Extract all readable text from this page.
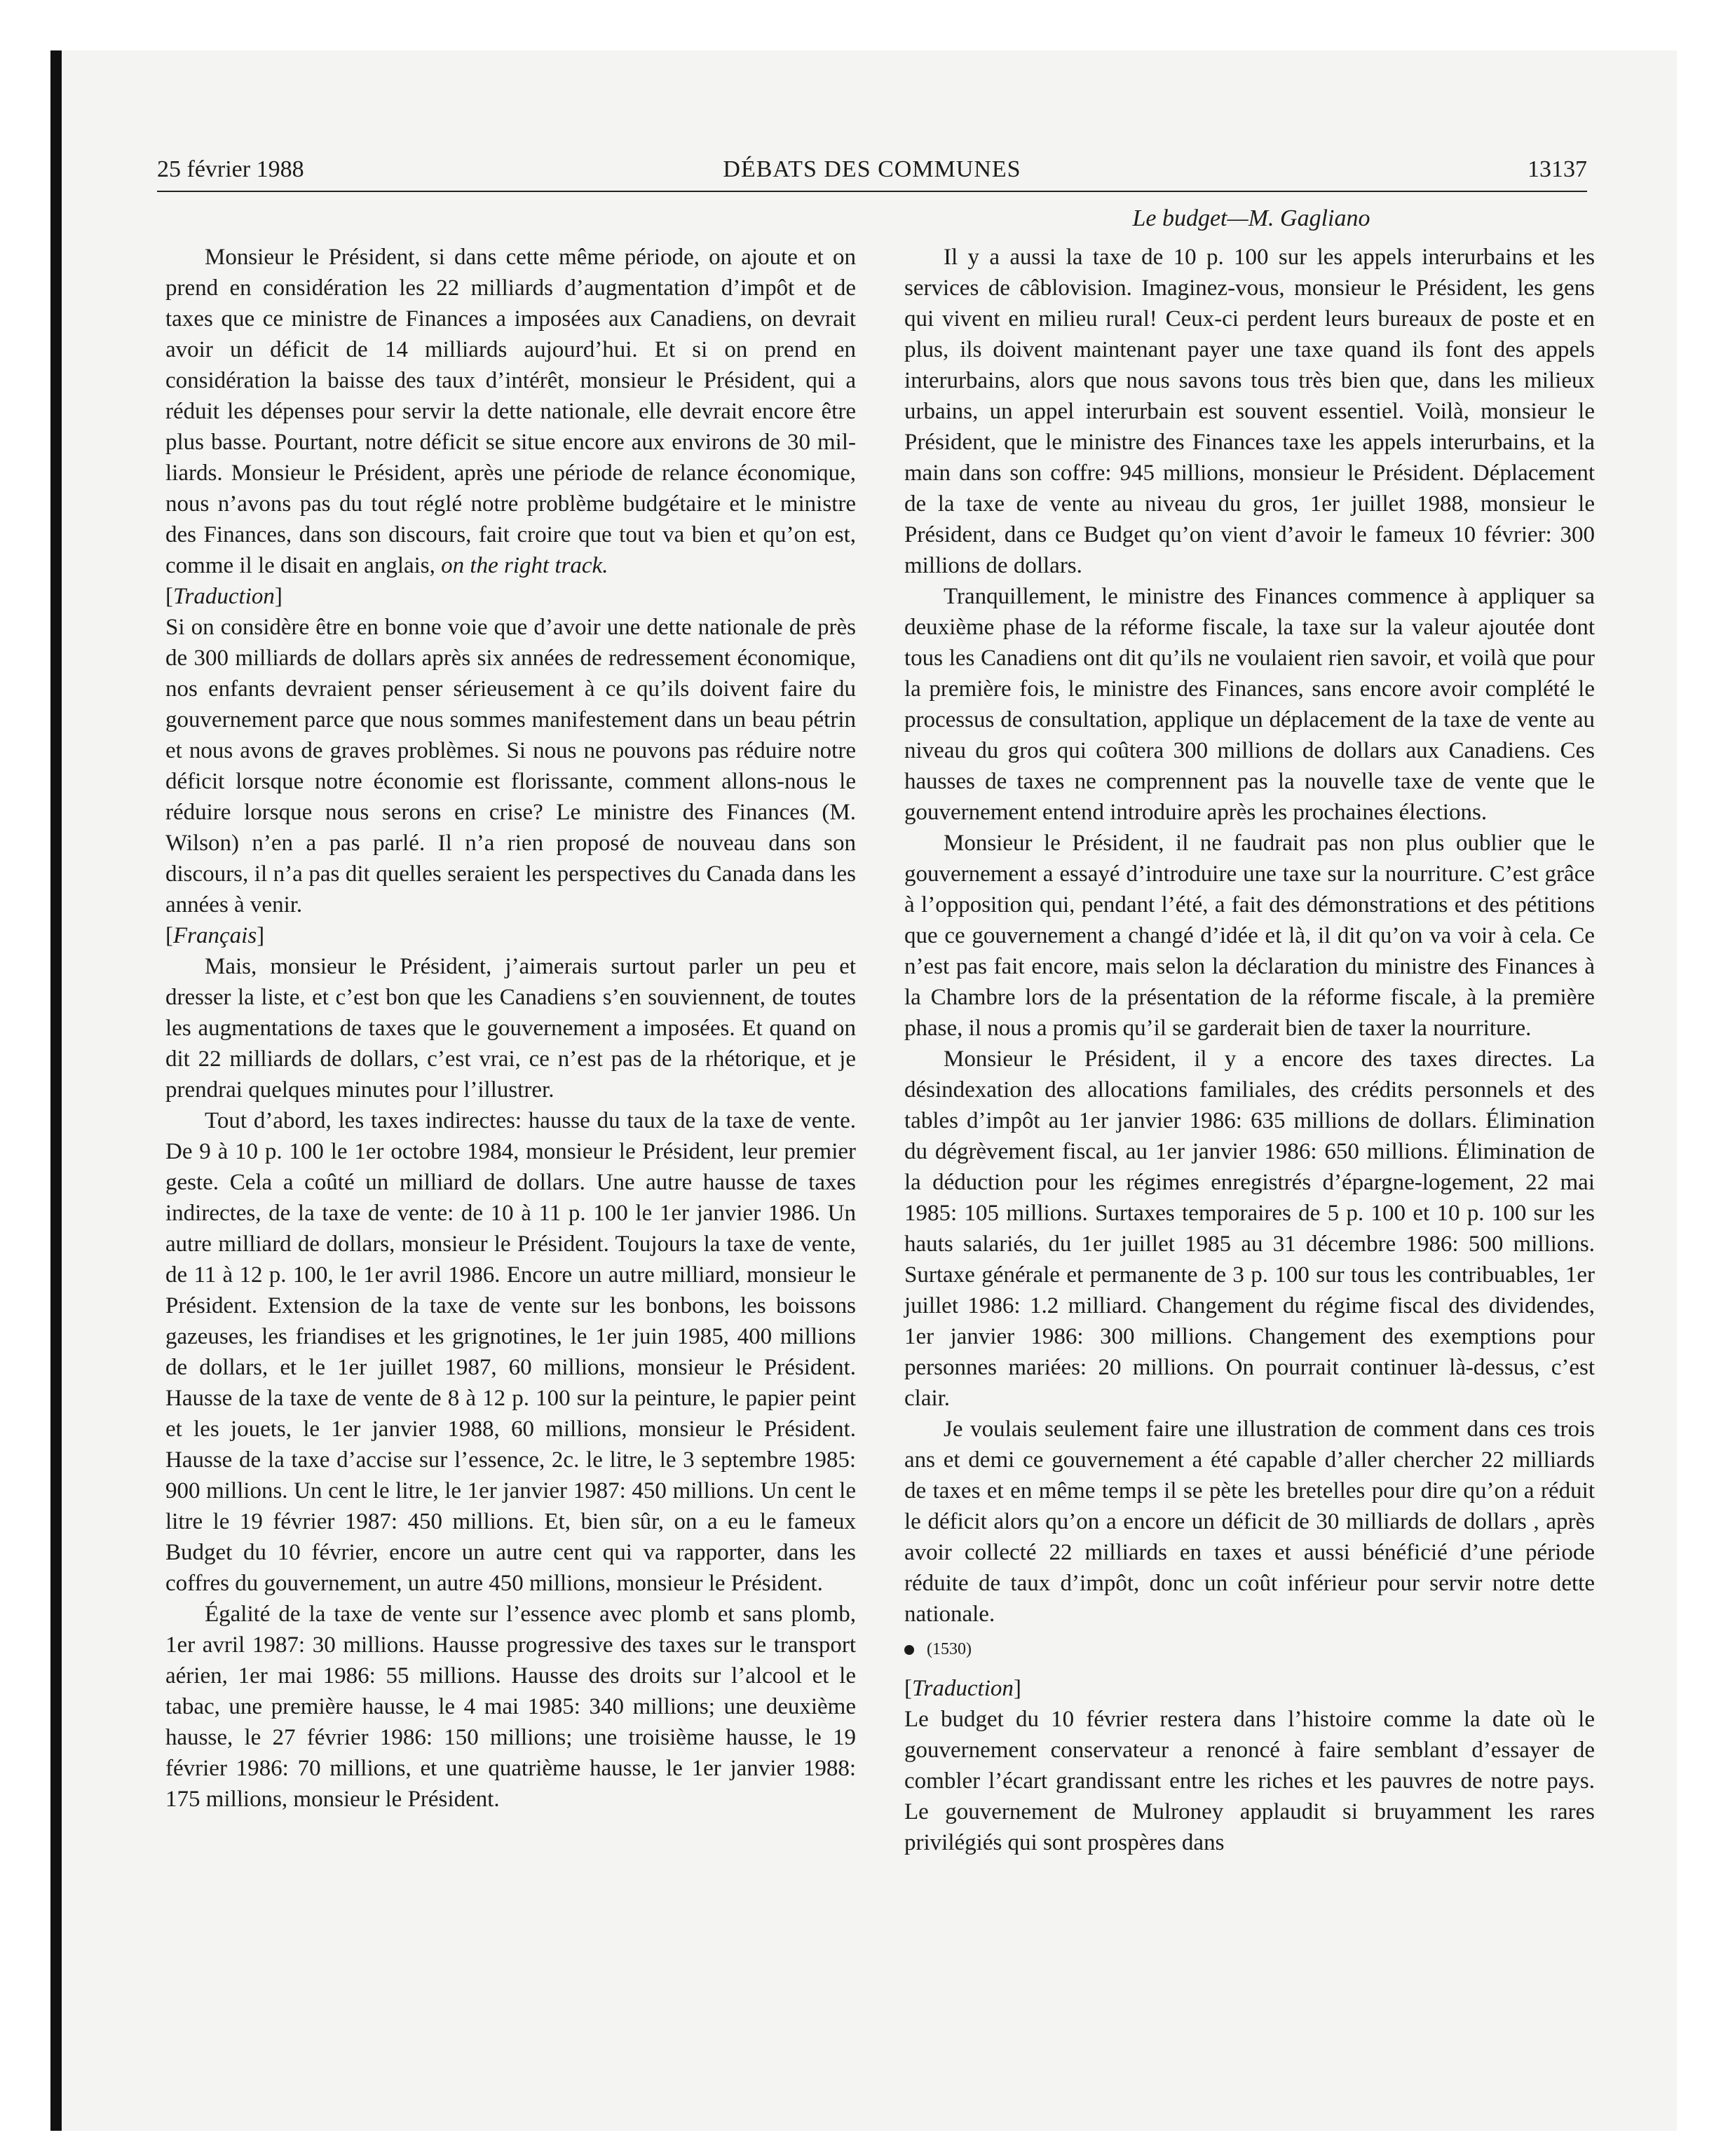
25 février 1988	DÉBATS DES COMMUNES	13137
Le budget—M. Gagliano

Monsieur le Président, si dans cette même période, on ajoute et on prend en considération les 22 milliards d’augmentation d’impôt et de taxes que ce ministre de Finances a imposées aux Canadiens, on devrait avoir un déficit de 14 milliards aujourd’hui. Et si on prend en considération la baisse des taux d’intérêt, monsieur le Président, qui a réduit les dépenses pour servir la dette nationale, elle devrait encore être plus basse. Pourtant, notre déficit se situe encore aux environs de 30 milliards. Monsieur le Président, après une période de relance économique, nous n’avons pas du tout réglé notre problème budgétaire et le ministre des Finances, dans son discours, fait croire que tout va bien et qu’on est, comme il le disait en anglais, on the right track.

[Traduction]

Si on considère être en bonne voie que d’avoir une dette nationale de près de 300 milliards de dollars après six années de redressement économique, nos enfants devraient penser sérieusement à ce qu’ils doivent faire du gouvernement parce que nous sommes manifestement dans un beau pétrin et nous avons de graves problèmes. Si nous ne pouvons pas réduire notre déficit lorsque notre économie est florissante, comment allons-nous le réduire lorsque nous serons en crise? Le ministre des Finances (M. Wilson) n’en a pas parlé. Il n’a rien proposé de nouveau dans son discours, il n’a pas dit quelles seraient les perspectives du Canada dans les années à venir.

[Français]

Mais, monsieur le Président, j’aimerais surtout parler un peu et dresser la liste, et c’est bon que les Canadiens s’en souviennent, de toutes les augmentations de taxes que le gouvernement a imposées. Et quand on dit 22 milliards de dollars, c’est vrai, ce n’est pas de la rhétorique, et je prendrai quelques minutes pour l’illustrer.

Tout d’abord, les taxes indirectes: hausse du taux de la taxe de vente. De 9 à 10 p. 100 le 1er octobre 1984, monsieur le Président, leur premier geste. Cela a coûté un milliard de dollars. Une autre hausse de taxes indirectes, de la taxe de vente: de 10 à 11 p. 100 le 1er janvier 1986. Un autre milliard de dollars, monsieur le Président. Toujours la taxe de vente, de 11 à 12 p. 100, le 1er avril 1986. Encore un autre milliard, monsieur le Président. Extension de la taxe de vente sur les bonbons, les boissons gazeuses, les friandises et les grignotines, le 1er juin 1985, 400 millions de dollars, et le 1er juillet 1987, 60 millions, monsieur le Président. Hausse de la taxe de vente de 8 à 12 p. 100 sur la peinture, le papier peint et les jouets, le 1er janvier 1988, 60 millions, monsieur le Président. Hausse de la taxe d’accise sur l’essence, 2c. le litre, le 3 septembre 1985: 900 millions. Un cent le litre, le 1er janvier 1987: 450 millions. Un cent le litre le 19 février 1987: 450 millions. Et, bien sûr, on a eu le fameux Budget du 10 février, encore un autre cent qui va rapporter, dans les coffres du gouvernement, un autre 450 millions, monsieur le Président.

Égalité de la taxe de vente sur l’essence avec plomb et sans plomb, 1er avril 1987: 30 millions. Hausse progressive des taxes sur le transport aérien, 1er mai 1986: 55 millions. Hausse des droits sur l’alcool et le tabac, une première hausse, le 4 mai 1985: 340 millions; une deuxième hausse, le 27 février 1986: 150 millions; une troisième hausse, le 19 février 1986: 70 millions, et une quatrième hausse, le 1er janvier 1988: 175 millions, monsieur le Président.

Il y a aussi la taxe de 10 p. 100 sur les appels interurbains et les services de câblovision. Imaginez-vous, monsieur le Président, les gens qui vivent en milieu rural! Ceux-ci perdent leurs bureaux de poste et en plus, ils doivent maintenant payer une taxe quand ils font des appels interurbains, alors que nous savons tous très bien que, dans les milieux urbains, un appel interurbain est souvent essentiel. Voilà, monsieur le Président, que le ministre des Finances taxe les appels interurbains, et la main dans son coffre: 945 millions, monsieur le Président. Déplacement de la taxe de vente au niveau du gros, 1er juillet 1988, monsieur le Président, dans ce Budget qu’on vient d’avoir le fameux 10 février: 300 millions de dollars.

Tranquillement, le ministre des Finances commence à appliquer sa deuxième phase de la réforme fiscale, la taxe sur la valeur ajoutée dont tous les Canadiens ont dit qu’ils ne voulaient rien savoir, et voilà que pour la première fois, le ministre des Finances, sans encore avoir complété le processus de consultation, applique un déplacement de la taxe de vente au niveau du gros qui coûtera 300 millions de dollars aux Canadiens. Ces hausses de taxes ne comprennent pas la nouvelle taxe de vente que le gouvernement entend introduire après les prochaines élections.

Monsieur le Président, il ne faudrait pas non plus oublier que le gouvernement a essayé d’introduire une taxe sur la nourriture. C’est grâce à l’opposition qui, pendant l’été, a fait des démonstrations et des pétitions que ce gouvernement a changé d’idée et là, il dit qu’on va voir à cela. Ce n’est pas fait encore, mais selon la déclaration du ministre des Finances à la Chambre lors de la présentation de la réforme fiscale, à la première phase, il nous a promis qu’il se garderait bien de taxer la nourriture.

Monsieur le Président, il y a encore des taxes directes. La désindexation des allocations familiales, des crédits personnels et des tables d’impôt au 1er janvier 1986: 635 millions de dollars. Élimination du dégrèvement fiscal, au 1er janvier 1986: 650 millions. Élimination de la déduction pour les régimes enregistrés d’épargne-logement, 22 mai 1985: 105 millions. Surtaxes temporaires de 5 p. 100 et 10 p. 100 sur les hauts salariés, du 1er juillet 1985 au 31 décembre 1986: 500 millions. Surtaxe générale et permanente de 3 p. 100 sur tous les contribuables, 1er juillet 1986: 1.2 milliard. Changement du régime fiscal des dividendes, 1er janvier 1986: 300 millions. Changement des exemptions pour personnes mariées: 20 millions. On pourrait continuer là-dessus, c’est clair.

Je voulais seulement faire une illustration de comment dans ces trois ans et demi ce gouvernement a été capable d’aller chercher 22 milliards de taxes et en même temps il se pète les bretelles pour dire qu’on a réduit le déficit alors qu’on a encore un déficit de 30 milliards de dollars , après avoir collecté 22 milliards en taxes et aussi bénéficié d’une période réduite de taux d’impôt, donc un coût inférieur pour servir notre dette nationale.

(1530)

[Traduction]

Le budget du 10 février restera dans l’histoire comme la date où le gouvernement conservateur a renoncé à faire semblant d’essayer de combler l’écart grandissant entre les riches et les pauvres de notre pays. Le gouvernement de Mulroney applaudit si bruyamment les rares privilégiés qui sont prospères dans
